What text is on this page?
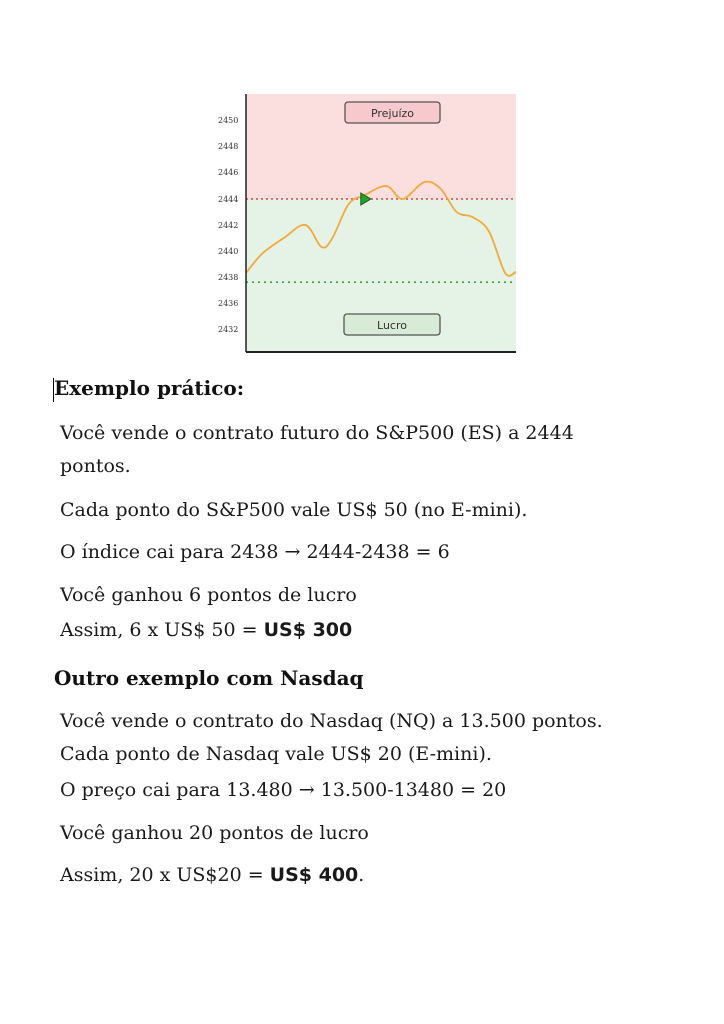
2450
2448
2446
2444
2442
2440
2438
2436
2432
Prejuízo
Lucro
Exemplo prático:

Você vende o contrato futuro do S&P500 (ES) a 2444

pontos.

Cada ponto do S&P500 vale US$ 50 (no E-mini).

O índice cai para 2438 → 2444-2438 = 6

Você ganhou 6 pontos de lucro

Assim, 6 x US$ 50 = US$ 300

Outro exemplo com Nasdaq

Você vende o contrato do Nasdaq (NQ) a 13.500 pontos.

Cada ponto de Nasdaq vale US$ 20 (E-mini).

O preço cai para 13.480 → 13.500-13480 = 20

Você ganhou 20 pontos de lucro

Assim, 20 x US$20 = US$ 400.
